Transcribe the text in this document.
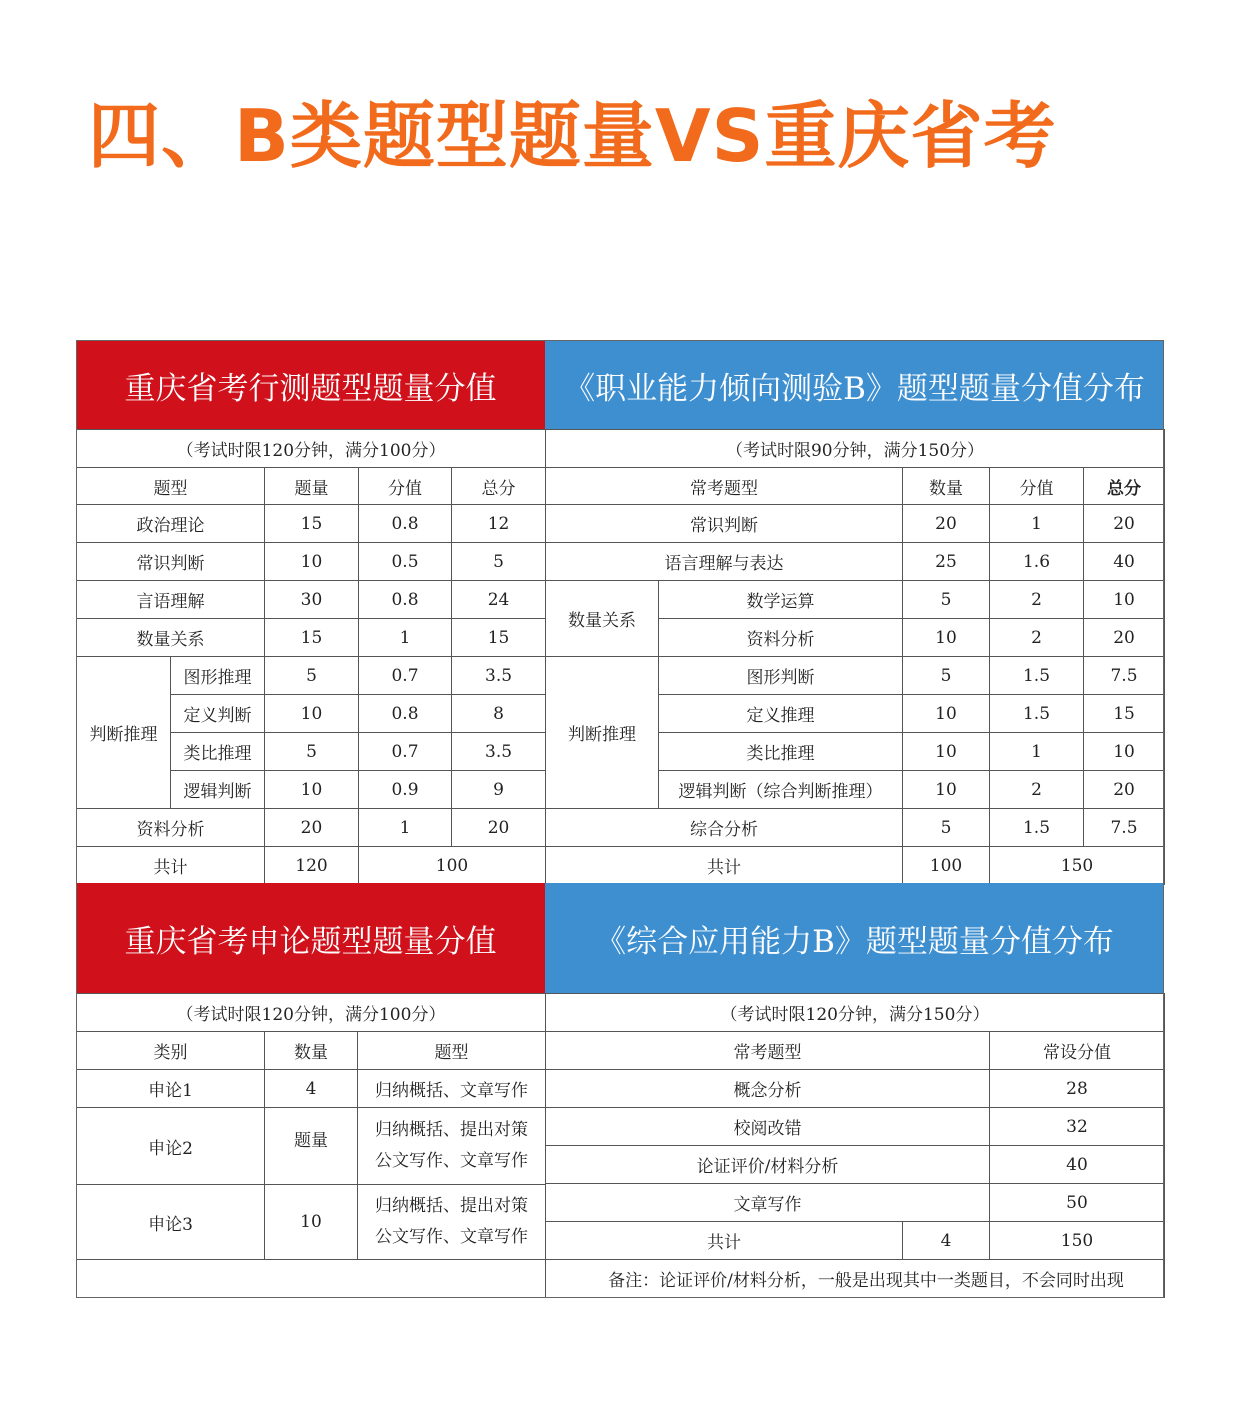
四、B类题型题量VS重庆省考
重庆省考行测题型题量分值	《职业能力倾向测验B》题型题量分值分布
（考试时限120分钟，满分100分）				
题型		题量	分值	总分
政治理论		15	0.8	12
常识判断		10	0.5	5
言语理解		30	0.8	24
数量关系		15	1	15
判断推理	图形推理	5	0.7	3.5
	定义判断	10	0.8	8
	类比推理	5	0.7	3.5
	逻辑判断	10	0.9	9
资料分析		20	1	20
共计		120	100	
（考试时限90分钟，满分150分）				
常考题型		数量	分值	总分
常识判断		20	1	20
语言理解与表达		25	1.6	40
数量关系	数学运算	5	2	10
	资料分析	10	2	20
判断推理	图形判断	5	1.5	7.5
	定义推理	10	1.5	15
	类比推理	10	1	10
	逻辑判断（综合判断推理）	10	2	20
综合分析		5	1.5	7.5
共计		100	150	
重庆省考申论题型题量分值	《综合应用能力B》题型题量分值分布
（考试时限120分钟，满分100分）		
类别	数量	题型
申论1	4	归纳概括、文章写作
申论2	题量	归纳概括、提出对策
公文写作、文章写作

申论3	10	归纳概括、提出对策
公文写作、文章写作

（考试时限120分钟，满分150分）		
常考题型		常设分值
概念分析		28
校阅改错		32
论证评价/材料分析		40
文章写作		50
共计	4	150
备注：论证评价/材料分析，一般是出现其中一类题目，不会同时出现		
